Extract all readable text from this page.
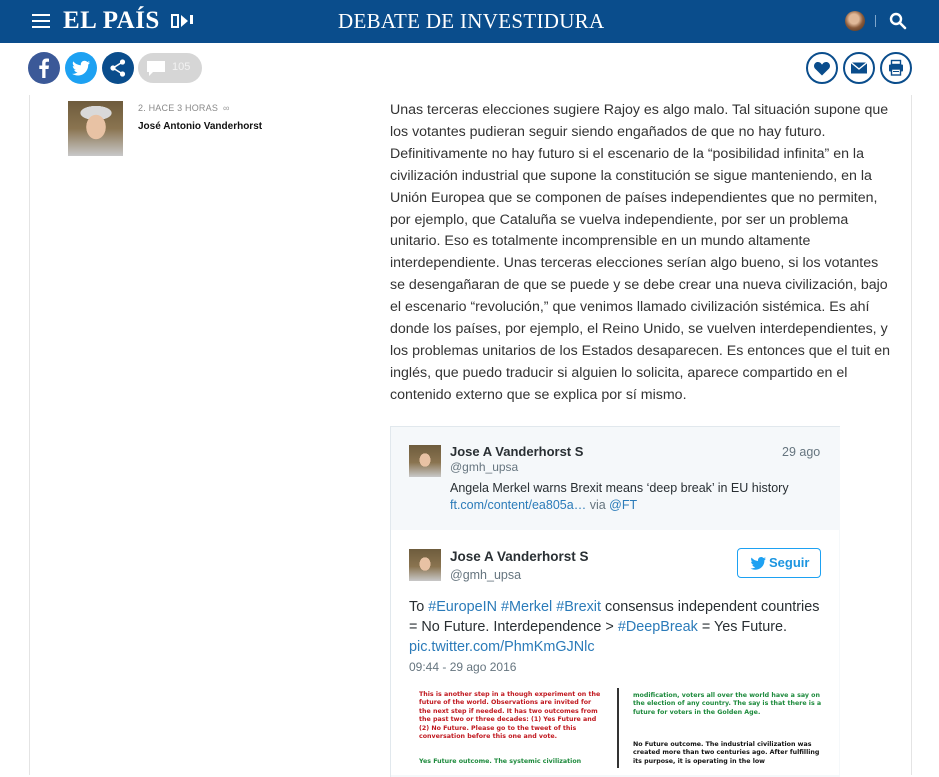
EL PAÍS	DEBATE DE INVESTIDURA
105
2. HACE 3 HORAS ∞
José Antonio Vanderhorst
Unas terceras elecciones sugiere Rajoy es algo malo. Tal situación supone que los votantes pudieran seguir siendo engañados de que no hay futuro. Definitivamente no hay futuro si el escenario de la “posibilidad infinita” en la civilización industrial que supone la constitución se sigue manteniendo, en la Unión Europea que se componen de países independientes que no permiten, por ejemplo, que Cataluña se vuelva independiente, por ser un problema unitario. Eso es totalmente incomprensible en un mundo altamente interdependiente. Unas terceras elecciones serían algo bueno, si los votantes se desengañaran de que se puede y se debe crear una nueva civilización, bajo el escenario “revolución,” que venimos llamado civilización sistémica. Es ahí donde los países, por ejemplo, el Reino Unido, se vuelven interdependientes, y los problemas unitarios de los Estados desaparecen. Es entonces que el tuit en inglés, que puedo traducir si alguien lo solicita, aparece compartido en el contenido externo que se explica por sí mismo.
Jose A Vanderhorst S
@gmh_upsa
29 ago
Angela Merkel warns Brexit means ‘deep break’ in EU history
ft.com/content/ea805a… via @FT
Jose A Vanderhorst S
@gmh_upsa
Seguir
To #EuropeIN #Merkel #Brexit consensus independent countries = No Future. Interdependence > #DeepBreak = Yes Future.
pic.twitter.com/PhmKmGJNlc
09:44 - 29 ago 2016
This is another step in a though experiment on the future of the world. Observations are invited for the next step if needed. It has two outcomes from the past two or three decades: (1) Yes Future and (2) No Future. Please go to the tweet of this conversation before this one and vote.
Yes Future outcome. The systemic civilization
modification, voters all over the world have a say on the election of any country. The say is that there is a future for voters in the Golden Age.
No Future outcome. The industrial civilization was created more than two centuries ago. After fulfilling its purpose, it is operating in the low
